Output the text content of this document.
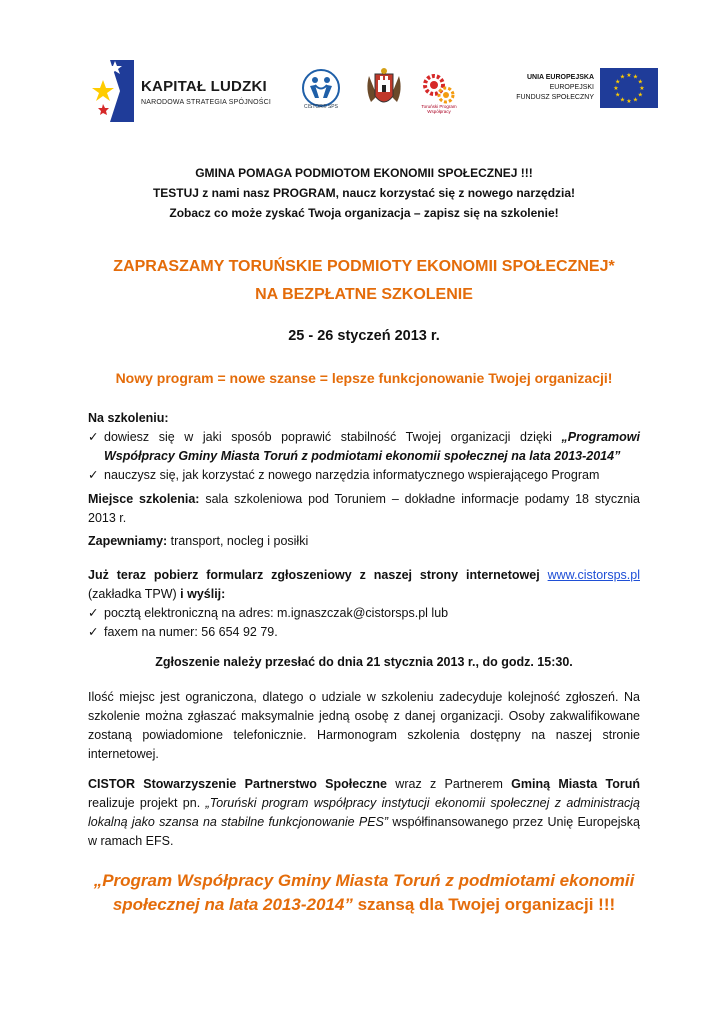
KAPITAŁ LUDZKI
NARODOWA STRATEGIA SPÓJNOŚCI
CISTOR® SPS	Toruński Program Współpracy
UNIA EUROPEJSKA
EUROPEJSKI
FUNDUSZ SPOŁECZNY
★ ★
★
★
★
★
★
★
★
★
★
★
GMINA POMAGA PODMIOTOM EKONOMII SPOŁECZNEJ !!!
TESTUJ z nami nasz PROGRAM, naucz korzystać się z nowego narzędzia!
Zobacz co może zyskać Twoja organizacja – zapisz się na szkolenie!
ZAPRASZAMY TORUŃSKIE PODMIOTY EKONOMII SPOŁECZNEJ*
NA BEZPŁATNE SZKOLENIE
25 - 26 styczeń 2013 r.
Nowy program = nowe szanse = lepsze funkcjonowanie Twojej organizacji!
Na szkoleniu:
✓ dowiesz się w jaki sposób poprawić stabilność Twojej organizacji dzięki „Programowi Współpracy Gminy Miasta Toruń z podmiotami ekonomii społecznej na lata 2013-2014”
✓ nauczysz się, jak korzystać z nowego narzędzia informatycznego wspierającego Program
Miejsce szkolenia: sala szkoleniowa pod Toruniem – dokładne informacje podamy 18 stycznia 2013 r.
Zapewniamy: transport, nocleg i posiłki
Już teraz pobierz formularz zgłoszeniowy z naszej strony internetowej www.cistorsps.pl (zakładka TPW) i wyślij:
✓ pocztą elektroniczną na adres: m.ignaszczak@cistorsps.pl lub
✓ faxem na numer: 56 654 92 79.
Zgłoszenie należy przesłać do dnia 21 stycznia 2013 r., do godz. 15:30.
Ilość miejsc jest ograniczona, dlatego o udziale w szkoleniu zadecyduje kolejność zgłoszeń. Na szkolenie można zgłaszać maksymalnie jedną osobę z danej organizacji. Osoby zakwalifikowane zostaną powiadomione telefonicznie. Harmonogram szkolenia dostępny na naszej stronie internetowej.
CISTOR Stowarzyszenie Partnerstwo Społeczne wraz z Partnerem Gminą Miasta Toruń realizuje projekt pn. „Toruński program współpracy instytucji ekonomii społecznej z administracją lokalną jako szansa na stabilne funkcjonowanie PES” współfinansowanego przez Unię Europejską w ramach EFS.
„Program Współpracy Gminy Miasta Toruń z podmiotami ekonomii społecznej na lata 2013-2014” szansą dla Twojej organizacji !!!
